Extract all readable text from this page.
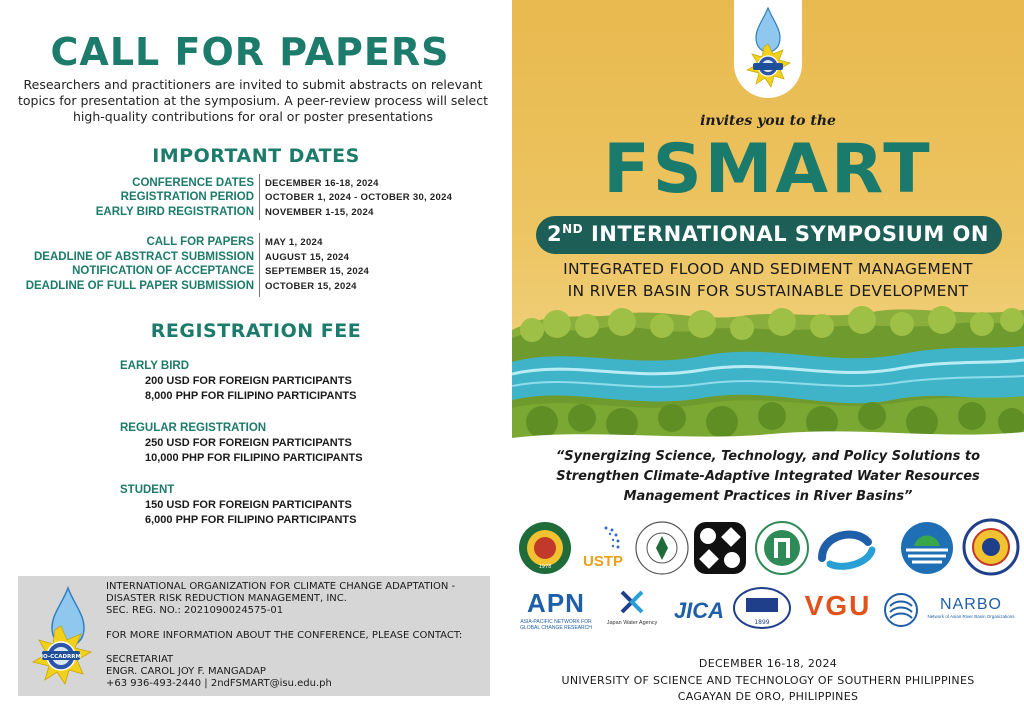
CALL FOR PAPERS
Researchers and practitioners are invited to submit abstracts on relevant topics for presentation at the symposium. A peer-review process will select high-quality contributions for oral or poster presentations
IMPORTANT DATES
CONFERENCE DATES DECEMBER 16-18, 2024
REGISTRATION PERIOD OCTOBER 1, 2024 - OCTOBER 30, 2024
EARLY BIRD REGISTRATION NOVEMBER 1-15, 2024
CALL FOR PAPERS MAY 1, 2024
DEADLINE OF ABSTRACT SUBMISSION AUGUST 15, 2024
NOTIFICATION OF ACCEPTANCE SEPTEMBER 15, 2024
DEADLINE OF FULL PAPER SUBMISSION OCTOBER 15, 2024
REGISTRATION FEE
EARLY BIRD
200 USD FOR FOREIGN PARTICIPANTS
8,000 PHP FOR FILIPINO PARTICIPANTS
REGULAR REGISTRATION
250 USD FOR FOREIGN PARTICIPANTS
10,000 PHP FOR FILIPINO PARTICIPANTS
STUDENT
150 USD FOR FOREIGN PARTICIPANTS
6,000 PHP FOR FILIPINO PARTICIPANTS
IO-CCADRRM

INTERNATIONAL ORGANIZATION FOR CLIMATE CHANGE ADAPTATION -
DISASTER RISK REDUCTION MANAGEMENT, INC.
SEC. REG. NO.: 2021090024575-01

FOR MORE INFORMATION ABOUT THE CONFERENCE, PLEASE CONTACT:

SECRETARIAT
ENGR. CAROL JOY F. MANGADAP
+63 936-493-2440 | 2ndFSMART@isu.edu.ph

invites you to the
FSMART
2ND INTERNATIONAL SYMPOSIUM ON
INTEGRATED FLOOD AND SEDIMENT MANAGEMENT
IN RIVER BASIN FOR SUSTAINABLE DEVELOPMENT
“Synergizing Science, Technology, and Policy Solutions to Strengthen Climate-Adaptive Integrated Water Resources Management Practices in River Basins”
1978 USTP
APN
ASIA-PACIFIC NETWORK FOR
GLOBAL CHANGE RESEARCH
Japan Water Agency JICA	1899
VGU	NARBO
Network of Asian River Basin Organizations
DECEMBER 16-18, 2024
UNIVERSITY OF SCIENCE AND TECHNOLOGY OF SOUTHERN PHILIPPINES
CAGAYAN DE ORO, PHILIPPINES
